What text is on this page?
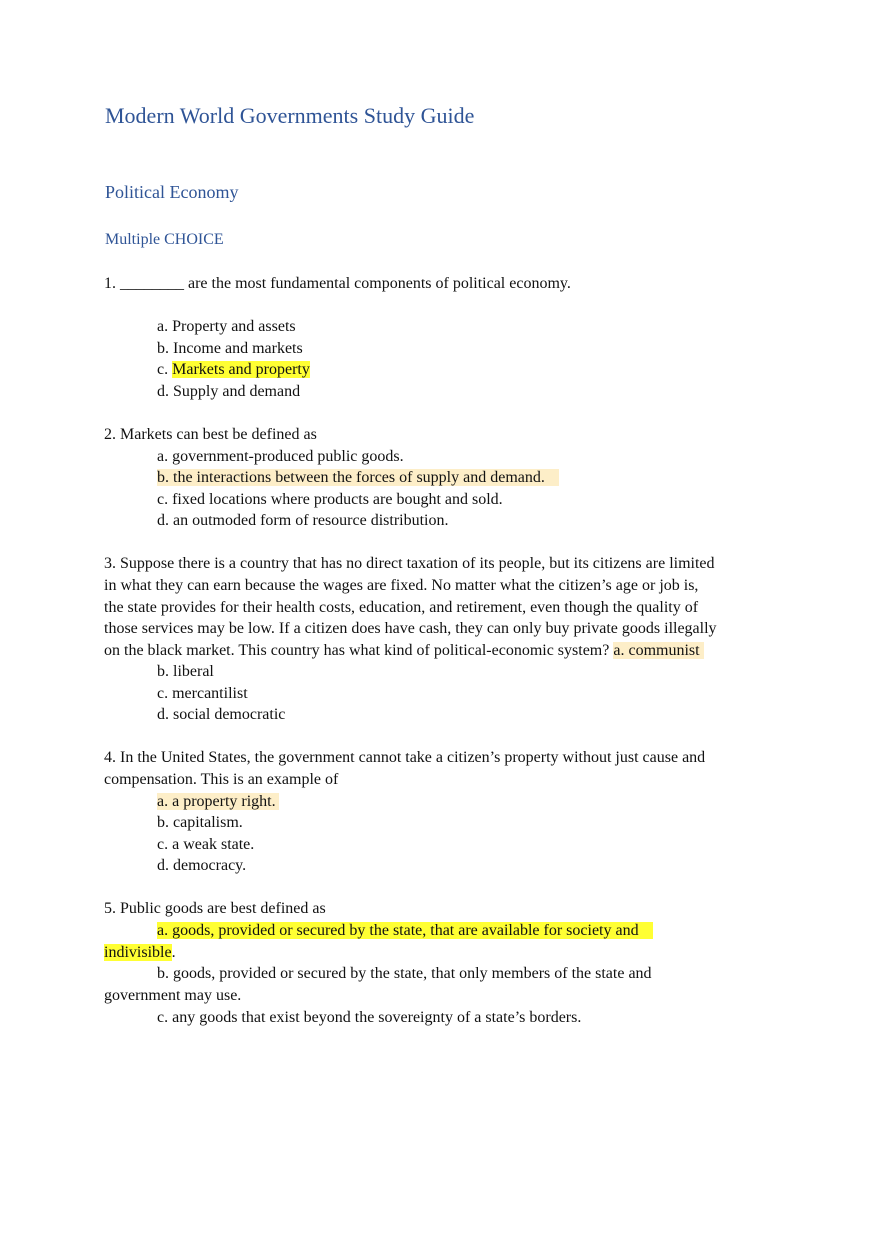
Modern World Governments Study Guide
Political Economy
Multiple CHOICE
1. ________ are the most fundamental components of political economy.
a. Property and assets
b. Income and markets
c. Markets and property
d. Supply and demand
2. Markets can best be defined as
a. government-produced public goods.
b. the interactions between the forces of supply and demand.
c. fixed locations where products are bought and sold.
d. an outmoded form of resource distribution.
3. Suppose there is a country that has no direct taxation of its people, but its citizens are limited
in what they can earn because the wages are fixed. No matter what the citizen’s age or job is,
the state provides for their health costs, education, and retirement, even though the quality of
those services may be low. If a citizen does have cash, they can only buy private goods illegally
on the black market. This country has what kind of political-economic system? a. communist
b. liberal
c. mercantilist
d. social democratic
4. In the United States, the government cannot take a citizen’s property without just cause and
compensation. This is an example of
a. a property right.
b. capitalism.
c. a weak state.
d. democracy.
5. Public goods are best defined as
a. goods, provided or secured by the state, that are available for society and
indivisible.
b. goods, provided or secured by the state, that only members of the state and
government may use.
c. any goods that exist beyond the sovereignty of a state’s borders.
